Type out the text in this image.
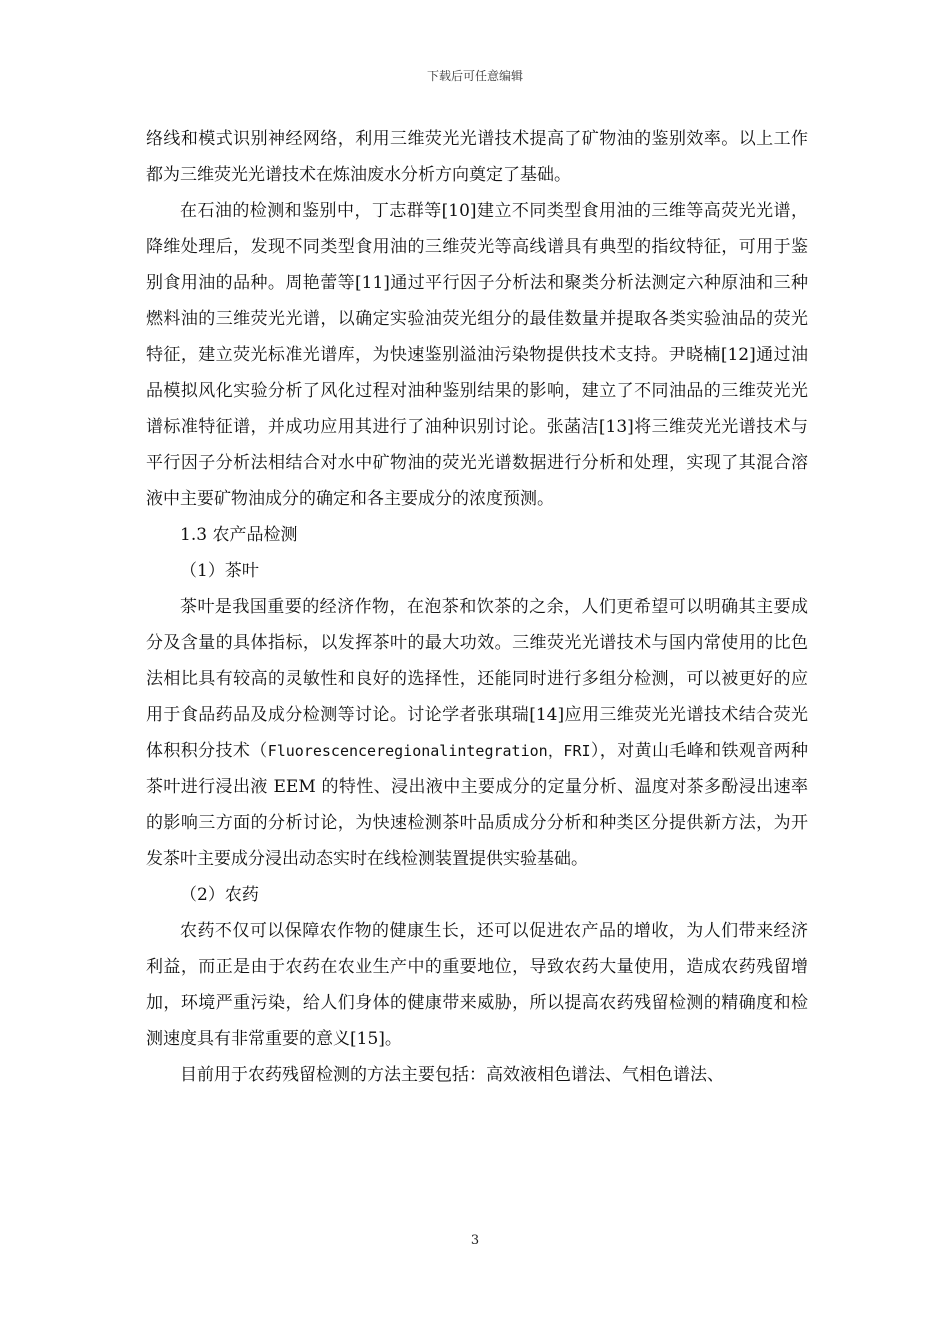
下载后可任意编辑

络线和模式识别神经网络，利用三维荧光光谱技术提高了矿物油的鉴别效率。以上工作都为三维荧光光谱技术在炼油废水分析方向奠定了基础。

在石油的检测和鉴别中，丁志群等[10]建立不同类型食用油的三维等高荧光光谱，降维处理后，发现不同类型食用油的三维荧光等高线谱具有典型的指纹特征，可用于鉴别食用油的品种。周艳蕾等[11]通过平行因子分析法和聚类分析法测定六种原油和三种燃料油的三维荧光光谱，以确定实验油荧光组分的最佳数量并提取各类实验油品的荧光特征，建立荧光标准光谱库，为快速鉴别溢油污染物提供技术支持。尹晓楠[12]通过油品模拟风化实验分析了风化过程对油种鉴别结果的影响，建立了不同油品的三维荧光光谱标准特征谱，并成功应用其进行了油种识别讨论。张菡洁[13]将三维荧光光谱技术与平行因子分析法相结合对水中矿物油的荧光光谱数据进行分析和处理，实现了其混合溶液中主要矿物油成分的确定和各主要成分的浓度预测。

1.3 农产品检测

（1）茶叶

茶叶是我国重要的经济作物，在泡茶和饮茶的之余，人们更希望可以明确其主要成分及含量的具体指标，以发挥茶叶的最大功效。三维荧光光谱技术与国内常使用的比色法相比具有较高的灵敏性和良好的选择性，还能同时进行多组分检测，可以被更好的应用于食品药品及成分检测等讨论。讨论学者张琪瑞[14]应用三维荧光光谱技术结合荧光体积积分技术（Fluorescenceregionalintegration，FRI），对黄山毛峰和铁观音两种茶叶进行浸出液 EEM 的特性、浸出液中主要成分的定量分析、温度对茶多酚浸出速率的影响三方面的分析讨论，为快速检测茶叶品质成分分析和种类区分提供新方法，为开发茶叶主要成分浸出动态实时在线检测装置提供实验基础。

（2）农药

农药不仅可以保障农作物的健康生长，还可以促进农产品的增收，为人们带来经济利益，而正是由于农药在农业生产中的重要地位，导致农药大量使用，造成农药残留增加，环境严重污染，给人们身体的健康带来威胁，所以提高农药残留检测的精确度和检测速度具有非常重要的意义[15]。

目前用于农药残留检测的方法主要包括：高效液相色谱法、气相色谱法、

3
